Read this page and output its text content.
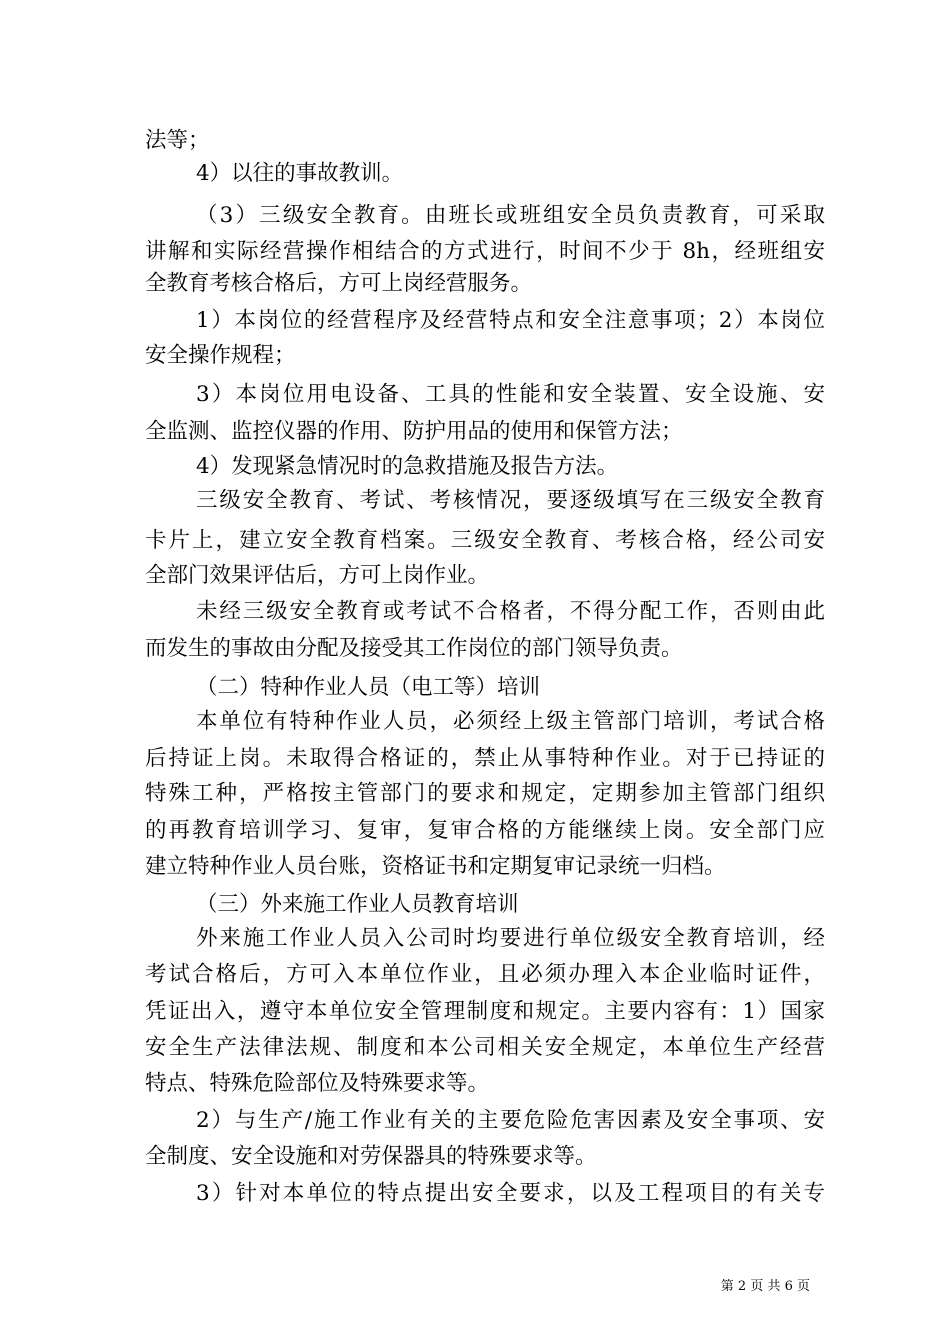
法等；
4）以往的事故教训。
（3）三级安全教育。由班长或班组安全员负责教育，可采取
讲解和实际经营操作相结合的方式进行，时间不少于 8h，经班组安
全教育考核合格后，方可上岗经营服务。
1）本岗位的经营程序及经营特点和安全注意事项；2）本岗位
安全操作规程；
3）本岗位用电设备、工具的性能和安全装置、安全设施、安
全监测、监控仪器的作用、防护用品的使用和保管方法；
4）发现紧急情况时的急救措施及报告方法。
三级安全教育、考试、考核情况，要逐级填写在三级安全教育
卡片上，建立安全教育档案。三级安全教育、考核合格，经公司安
全部门效果评估后，方可上岗作业。
未经三级安全教育或考试不合格者，不得分配工作，否则由此
而发生的事故由分配及接受其工作岗位的部门领导负责。
（二）特种作业人员（电工等）培训
本单位有特种作业人员，必须经上级主管部门培训，考试合格
后持证上岗。未取得合格证的，禁止从事特种作业。对于已持证的
特殊工种，严格按主管部门的要求和规定，定期参加主管部门组织
的再教育培训学习、复审，复审合格的方能继续上岗。安全部门应
建立特种作业人员台账，资格证书和定期复审记录统一归档。
（三）外来施工作业人员教育培训
外来施工作业人员入公司时均要进行单位级安全教育培训，经
考试合格后，方可入本单位作业，且必须办理入本企业临时证件，
凭证出入，遵守本单位安全管理制度和规定。主要内容有：1）国家
安全生产法律法规、制度和本公司相关安全规定，本单位生产经营
特点、特殊危险部位及特殊要求等。
2）与生产/施工作业有关的主要危险危害因素及安全事项、安
全制度、安全设施和对劳保器具的特殊要求等。
3）针对本单位的特点提出安全要求，以及工程项目的有关专
第 2 页 共 6 页
